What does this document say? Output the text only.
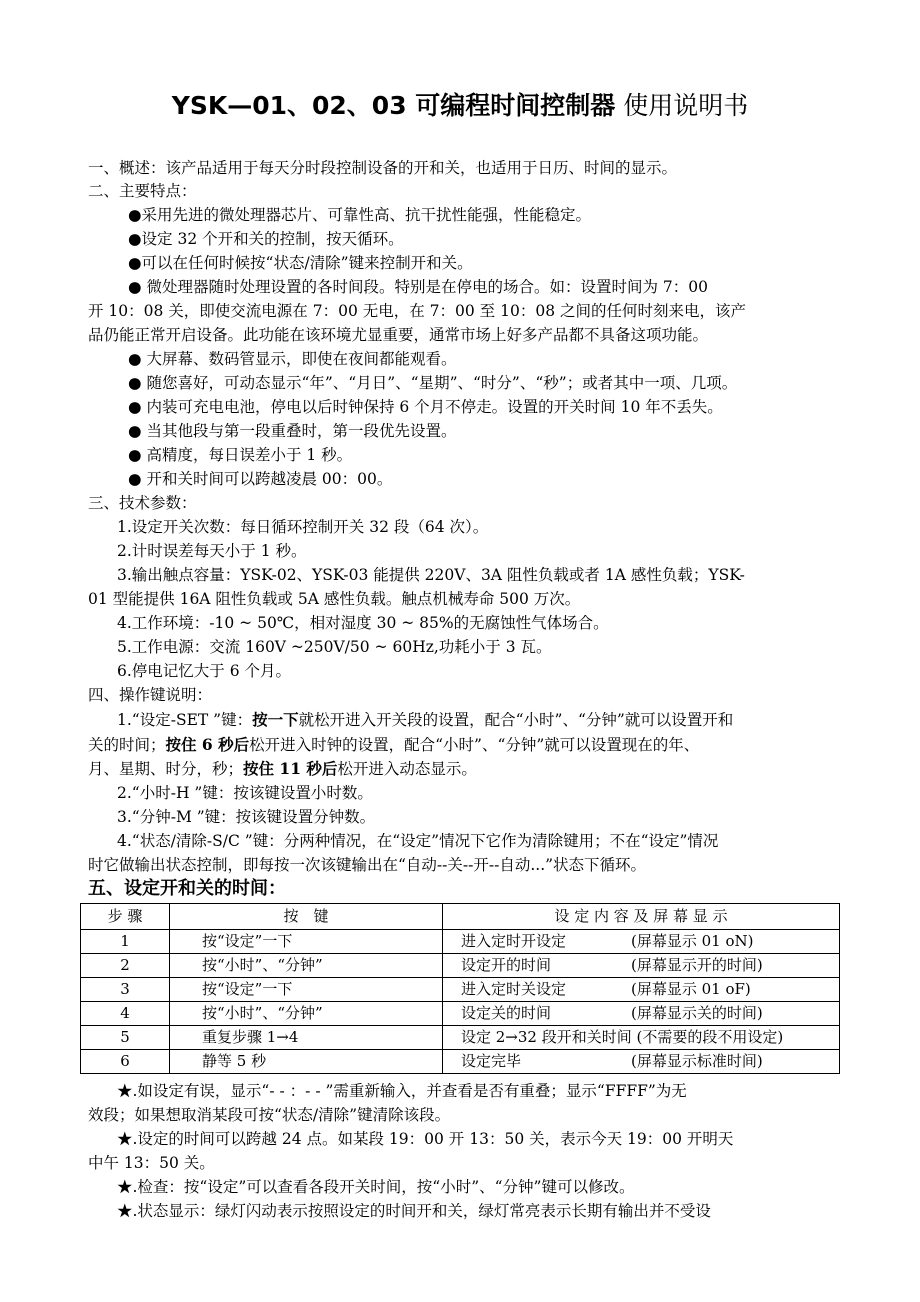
YSK—01、02、03 可编程时间控制器 使用说明书
一、概述：该产品适用于每天分时段控制设备的开和关，也适用于日历、时间的显示。
二、主要特点：
●采用先进的微处理器芯片、可靠性高、抗干扰性能强，性能稳定。
●设定 32 个开和关的控制，按天循环。
●可以在任何时候按“状态/清除”键来控制开和关。
● 微处理器随时处理设置的各时间段。特别是在停电的场合。如：设置时间为 7：00
开 10：08 关，即使交流电源在 7：00 无电，在 7：00 至 10：08 之间的任何时刻来电，该产
品仍能正常开启设备。此功能在该环境尤显重要，通常市场上好多产品都不具备这项功能。
● 大屏幕、数码管显示，即使在夜间都能观看。
● 随您喜好，可动态显示“年”、“月日”、“星期”、“时分”、“秒”；或者其中一项、几项。
● 内装可充电电池，停电以后时钟保持 6 个月不停走。设置的开关时间 10 年不丢失。
● 当其他段与第一段重叠时，第一段优先设置。
● 高精度，每日误差小于 1 秒。
● 开和关时间可以跨越凌晨 00：00。
三、技术参数：
1.设定开关次数：每日循环控制开关 32 段（64 次）。
2.计时误差每天小于 1 秒。
3.输出触点容量：YSK-02、YSK-03 能提供 220V、3A 阻性负载或者 1A 感性负载；YSK-
01 型能提供 16A 阻性负载或 5A 感性负载。触点机械寿命 500 万次。
4.工作环境：-10 ~ 50℃，相对湿度 30 ~ 85%的无腐蚀性气体场合。
5.工作电源：交流 160V ~250V/50 ~ 60Hz,功耗小于 3 瓦。
6.停电记忆大于 6 个月。
四、操作键说明：
1.“设定-SET ”键：按一下就松开进入开关段的设置，配合“小时”、“分钟”就可以设置开和
关的时间；按住 6 秒后松开进入时钟的设置，配合“小时”、“分钟”就可以设置现在的年、
月、星期、时分，秒；按住 11 秒后松开进入动态显示。
2.“小时-H ”键：按该键设置小时数。
3.“分钟-M ”键：按该键设置分钟数。
4.“状态/清除-S/C ”键：分两种情况，在“设定”情况下它作为清除键用；不在“设定”情况
时它做输出状态控制，即每按一次该键输出在“自动--关--开--自动...”状态下循环。
五、设定开和关的时间：
步 骤	按　键	设 定 内 容 及 屏 幕 显 示
1	按“设定”一下	进入定时开设定 (屏幕显示 01 oN)
2	按“小时”、“分钟”	设定开的时间 (屏幕显示开的时间)
3	按“设定”一下	进入定时关设定 (屏幕显示 01 oF)
4	按“小时”、“分钟”	设定关的时间 (屏幕显示关的时间)
5	重复步骤 1→4	设定 2→32 段开和关时间 (不需要的段不用设定)
6	静等 5 秒	设定完毕 (屏幕显示标准时间)
★.如设定有误，显示“- - ：- - ”需重新输入，并查看是否有重叠；显示“FFFF”为无
效段；如果想取消某段可按“状态/清除”键清除该段。
★.设定的时间可以跨越 24 点。如某段 19：00 开 13：50 关，表示今天 19：00 开明天
中午 13：50 关。
★.检查：按“设定”可以查看各段开关时间，按“小时”、“分钟”键可以修改。
★.状态显示：绿灯闪动表示按照设定的时间开和关，绿灯常亮表示长期有输出并不受设
